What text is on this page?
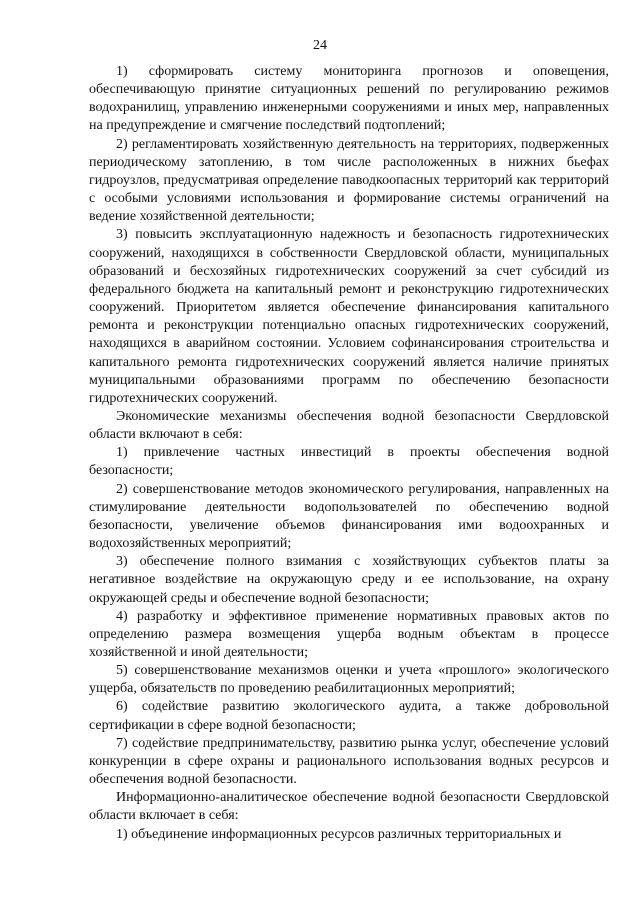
24

1) сформировать систему мониторинга прогнозов и оповещения, обеспечивающую принятие ситуационных решений по регулированию режимов водохранилищ, управлению инженерными сооружениями и иных мер, направленных на предупреждение и смягчение последствий подтоплений;

2) регламентировать хозяйственную деятельность на территориях, подверженных периодическому затоплению, в том числе расположенных в нижних бьефах гидроузлов, предусматривая определение паводкоопасных территорий как территорий с особыми условиями использования и формирование системы ограничений на ведение хозяйственной деятельности;

3) повысить эксплуатационную надежность и безопасность гидротехнических сооружений, находящихся в собственности Свердловской области, муниципальных образований и бесхозяйных гидротехнических сооружений за счет субсидий из федерального бюджета на капитальный ремонт и реконструкцию гидротехнических сооружений. Приоритетом является обеспечение финансирования капитального ремонта и реконструкции потенциально опасных гидротехнических сооружений, находящихся в аварийном состоянии. Условием софинансирования строительства и капитального ремонта гидротехнических сооружений является наличие принятых муниципальными образованиями программ по обеспечению безопасности гидротехнических сооружений.

Экономические механизмы обеспечения водной безопасности Свердловской области включают в себя:

1) привлечение частных инвестиций в проекты обеспечения водной безопасности;

2) совершенствование методов экономического регулирования, направленных на стимулирование деятельности водопользователей по обеспечению водной безопасности, увеличение объемов финансирования ими водоохранных и водохозяйственных мероприятий;

3) обеспечение полного взимания с хозяйствующих субъектов платы за негативное воздействие на окружающую среду и ее использование, на охрану окружающей среды и обеспечение водной безопасности;

4) разработку и эффективное применение нормативных правовых актов по определению размера возмещения ущерба водным объектам в процессе хозяйственной и иной деятельности;

5) совершенствование механизмов оценки и учета «прошлого» экологического ущерба, обязательств по проведению реабилитационных мероприятий;

6) содействие развитию экологического аудита, а также добровольной сертификации в сфере водной безопасности;

7) содействие предпринимательству, развитию рынка услуг, обеспечение условий конкуренции в сфере охраны и рационального использования водных ресурсов и обеспечения водной безопасности.

Информационно-аналитическое обеспечение водной безопасности Свердловской области включает в себя:

1) объединение информационных ресурсов различных территориальных и
